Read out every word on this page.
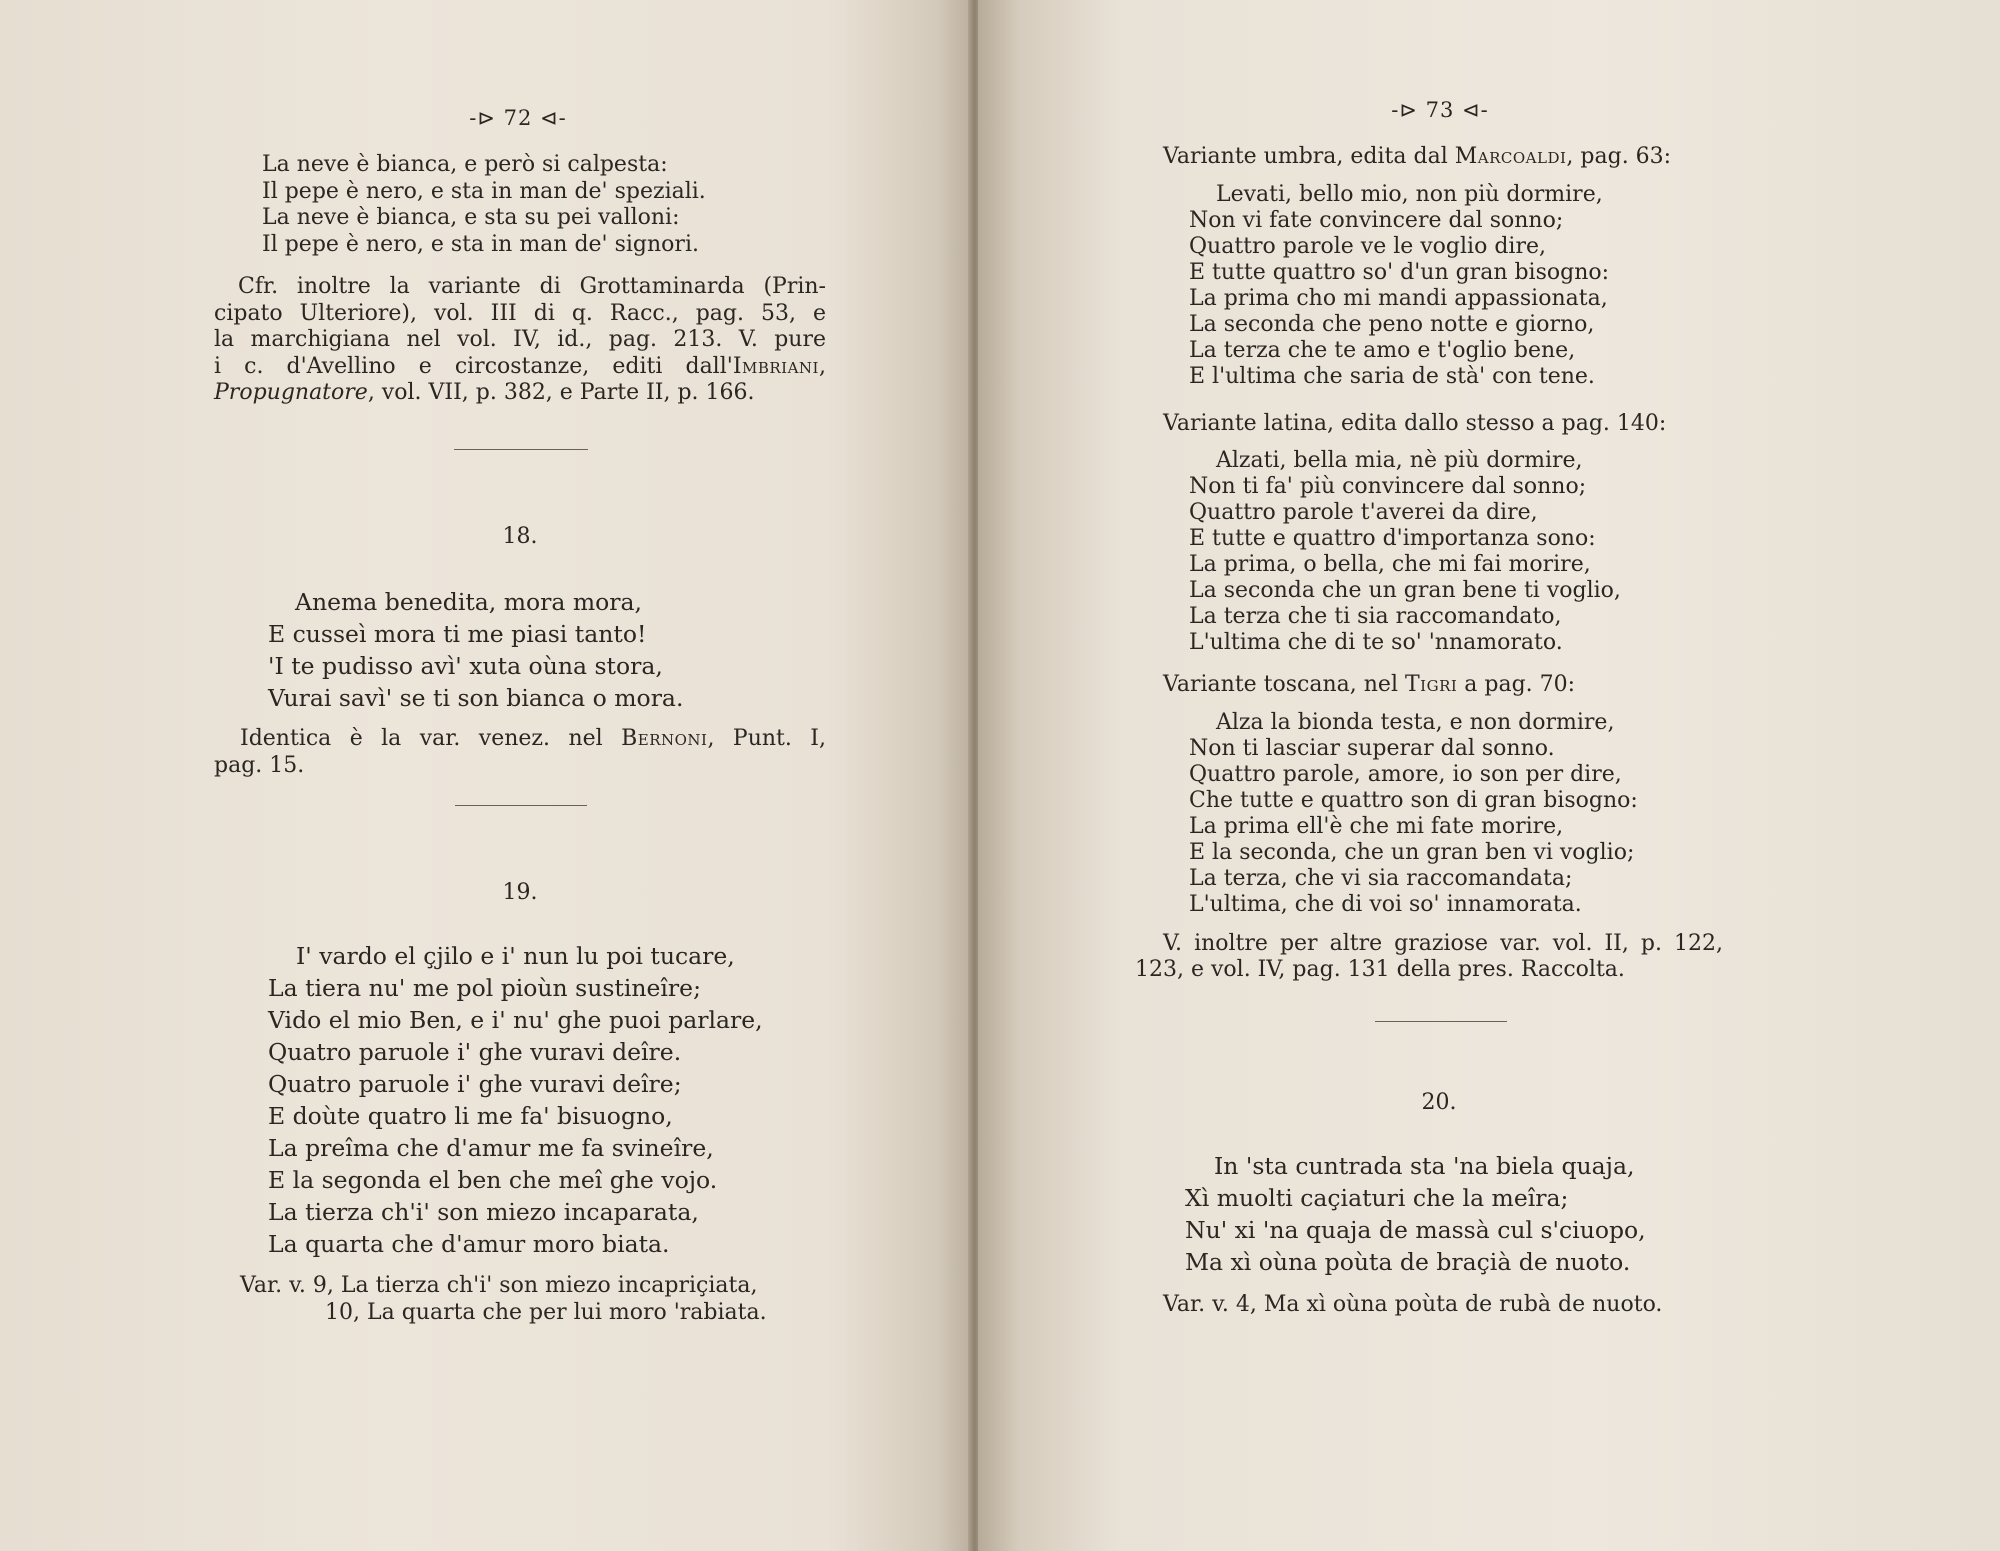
-⊳ 72 ⊲-
La neve è bianca, e però si calpesta:
Il pepe è nero, e sta in man de' speziali.
La neve è bianca, e sta su pei valloni:
Il pepe è nero, e sta in man de' signori.
Cfr. inoltre la variante di Grottaminarda (Prin-
cipato Ulteriore), vol. III di q. Racc., pag. 53, e
la marchigiana nel vol. IV, id., pag. 213. V. pure
i c. d'Avellino e circostanze, editi dall'Imbriani,
Propugnatore, vol. VII, p. 382, e Parte II, p. 166.
18.
Anema benedita, mora mora,
E cusseì mora ti me piasi tanto!
'I te pudisso avì' xuta oùna stora,
Vurai savì' se ti son bianca o mora.
Identica è la var. venez. nel Bernoni, Punt. I,
pag. 15.
19.
I' vardo el çjilo e i' nun lu poi tucare,
La tiera nu' me pol pioùn sustineîre;
Vido el mio Ben, e i' nu' ghe puoi parlare,
Quatro paruole i' ghe vuravi deîre.
Quatro paruole i' ghe vuravi deîre;
E doùte quatro li me fa' bisuogno,
La preîma che d'amur me fa svineîre,
E la segonda el ben che meî ghe vojo.
La tierza ch'i' son miezo incaparata,
La quarta che d'amur moro biata.
Var. v. 9, La tierza ch'i' son miezo incapriçiata,
10, La quarta che per lui moro 'rabiata.
-⊳ 73 ⊲-
Variante umbra, edita dal Marcoaldi, pag. 63:
Levati, bello mio, non più dormire,
Non vi fate convincere dal sonno;
Quattro parole ve le voglio dire,
E tutte quattro so' d'un gran bisogno:
La prima cho mi mandi appassionata,
La seconda che peno notte e giorno,
La terza che te amo e t'oglio bene,
E l'ultima che saria de stà' con tene.
Variante latina, edita dallo stesso a pag. 140:
Alzati, bella mia, nè più dormire,
Non ti fa' più convincere dal sonno;
Quattro parole t'averei da dire,
E tutte e quattro d'importanza sono:
La prima, o bella, che mi fai morire,
La seconda che un gran bene ti voglio,
La terza che ti sia raccomandato,
L'ultima che di te so' 'nnamorato.
Variante toscana, nel Tigri a pag. 70:
Alza la bionda testa, e non dormire,
Non ti lasciar superar dal sonno.
Quattro parole, amore, io son per dire,
Che tutte e quattro son di gran bisogno:
La prima ell'è che mi fate morire,
E la seconda, che un gran ben vi voglio;
La terza, che vi sia raccomandata;
L'ultima, che di voi so' innamorata.
V. inoltre per altre graziose var. vol. II, p. 122,
123, e vol. IV, pag. 131 della pres. Raccolta.
20.
In 'sta cuntrada sta 'na biela quaja,
Xì muolti caçiaturi che la meîra;
Nu' xi 'na quaja de massà cul s'ciuopo,
Ma xì oùna poùta de braçià de nuoto.
Var. v. 4, Ma xì oùna poùta de rubà de nuoto.
